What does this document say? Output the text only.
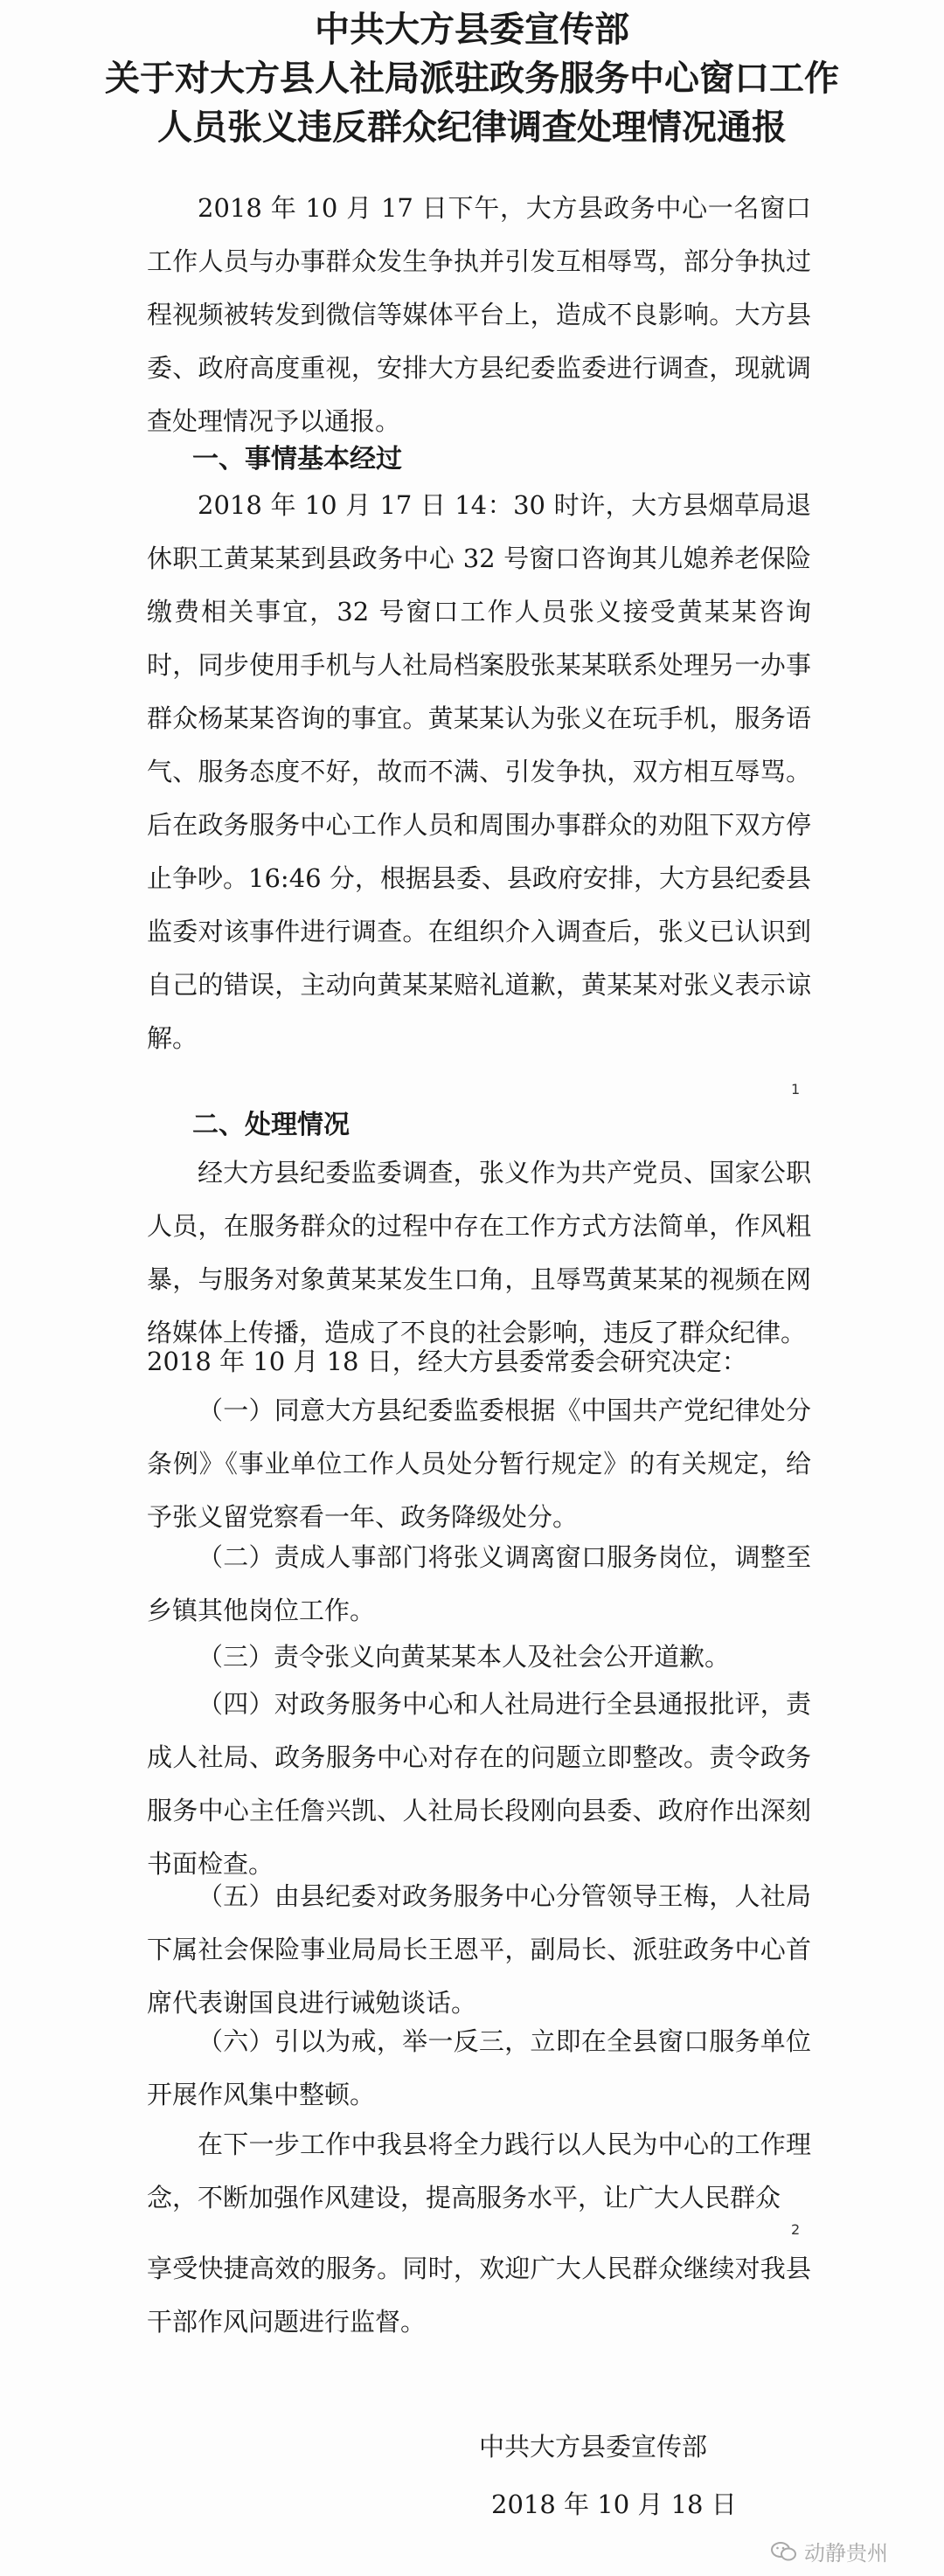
中共大方县委宣传部
关于对大方县人社局派驻政务服务中心窗口工作
人员张义违反群众纪律调查处理情况通报

2018 年 10 月 17 日下午，大方县政务中心一名窗口工作人员与办事群众发生争执并引发互相辱骂，部分争执过程视频被转发到微信等媒体平台上，造成不良影响。大方县委、政府高度重视，安排大方县纪委监委进行调查，现就调查处理情况予以通报。

一、事情基本经过

2018 年 10 月 17 日 14：30 时许，大方县烟草局退休职工黄某某到县政务中心 32 号窗口咨询其儿媳养老保险缴费相关事宜，32 号窗口工作人员张义接受黄某某咨询时，同步使用手机与人社局档案股张某某联系处理另一办事群众杨某某咨询的事宜。黄某某认为张义在玩手机，服务语气、服务态度不好，故而不满、引发争执，双方相互辱骂。后在政务服务中心工作人员和周围办事群众的劝阻下双方停止争吵。16:46 分，根据县委、县政府安排，大方县纪委县监委对该事件进行调查。在组织介入调查后，张义已认识到自己的错误，主动向黄某某赔礼道歉，黄某某对张义表示谅解。

1
二、处理情况

经大方县纪委监委调查，张义作为共产党员、国家公职人员，在服务群众的过程中存在工作方式方法简单，作风粗暴，与服务对象黄某某发生口角，且辱骂黄某某的视频在网络媒体上传播，造成了不良的社会影响，违反了群众纪律。

2018 年 10 月 18 日，经大方县委常委会研究决定：

（一）同意大方县纪委监委根据《中国共产党纪律处分条例》《事业单位工作人员处分暂行规定》的有关规定，给予张义留党察看一年、政务降级处分。

（二）责成人事部门将张义调离窗口服务岗位，调整至乡镇其他岗位工作。

（三）责令张义向黄某某本人及社会公开道歉。

（四）对政务服务中心和人社局进行全县通报批评，责成人社局、政务服务中心对存在的问题立即整改。责令政务服务中心主任詹兴凯、人社局长段刚向县委、政府作出深刻书面检查。

（五）由县纪委对政务服务中心分管领导王梅，人社局下属社会保险事业局局长王恩平，副局长、派驻政务中心首席代表谢国良进行诫勉谈话。

（六）引以为戒，举一反三，立即在全县窗口服务单位开展作风集中整顿。

在下一步工作中我县将全力践行以人民为中心的工作理念，不断加强作风建设，提高服务水平，让广大人民群众

2

享受快捷高效的服务。同时，欢迎广大人民群众继续对我县干部作风问题进行监督。

中共大方县委宣传部
2018 年 10 月 18 日
动静贵州
